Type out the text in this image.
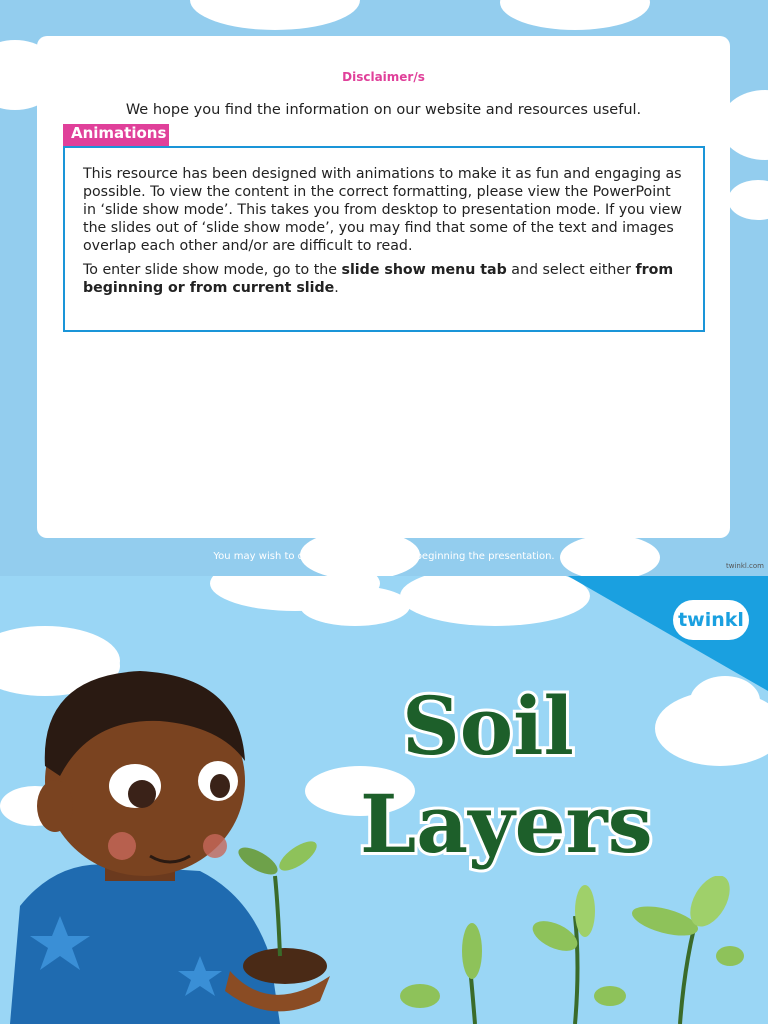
Disclaimer/s
We hope you find the information on our website and resources useful.
Animations

This resource has been designed with animations to make it as fun and engaging as possible. To view the content in the correct formatting, please view the PowerPoint in ‘slide show mode’. This takes you from desktop to presentation mode. If you view the slides out of ‘slide show mode’, you may find that some of the text and images overlap each other and/or are difficult to read.

To enter slide show mode, go to the slide show menu tab and select either from beginning or from current slide.

You may wish to delete this slide before beginning the presentation.
twinkl.com
twinkl
Soil
Layers
